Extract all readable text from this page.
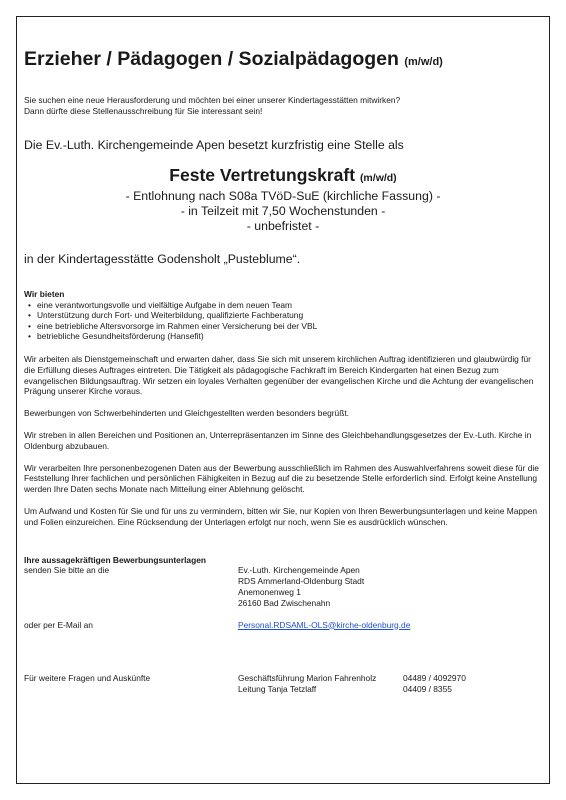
Erzieher / Pädagogen / Sozialpädagogen (m/w/d)
Sie suchen eine neue Herausforderung und möchten bei einer unserer Kindertagesstätten mitwirken?
Dann dürfte diese Stellenausschreibung für Sie interessant sein!
Die Ev.-Luth. Kirchengemeinde Apen besetzt kurzfristig eine Stelle als
Feste Vertretungskraft (m/w/d)
- Entlohnung nach S08a TVöD-SuE (kirchliche Fassung) -
- in Teilzeit mit 7,50 Wochenstunden -
- unbefristet -
in der Kindertagesstätte Godensholt „Pusteblume“.
Wir bieten
• eine verantwortungsvolle und vielfältige Aufgabe in dem neuen Team
• Unterstützung durch Fort- und Weiterbildung, qualifizierte Fachberatung
• eine betriebliche Altersvorsorge im Rahmen einer Versicherung bei der VBL
• betriebliche Gesundheitsförderung (Hansefit)
Wir arbeiten als Dienstgemeinschaft und erwarten daher, dass Sie sich mit unserem kirchlichen Auftrag identifizieren und glaubwürdig für die Erfüllung dieses Auftrages eintreten. Die Tätigkeit als pädagogische Fachkraft im Bereich Kindergarten hat einen Bezug zum evangelischen Bildungsauftrag. Wir setzen ein loyales Verhalten gegenüber der evangelischen Kirche und die Achtung der evangelischen Prägung unserer Kirche voraus.
Bewerbungen von Schwerbehinderten und Gleichgestellten werden besonders begrüßt.
Wir streben in allen Bereichen und Positionen an, Unterrepräsentanzen im Sinne des Gleichbehandlungsgesetzes der Ev.-Luth. Kirche in Oldenburg abzubauen.
Wir verarbeiten Ihre personenbezogenen Daten aus der Bewerbung ausschließlich im Rahmen des Auswahlverfahrens soweit diese für die Feststellung Ihrer fachlichen und persönlichen Fähigkeiten in Bezug auf die zu besetzende Stelle erforderlich sind. Erfolgt keine Anstellung werden Ihre Daten sechs Monate nach Mitteilung einer Ablehnung gelöscht.
Um Aufwand und Kosten für Sie und für uns zu vermindern, bitten wir Sie, nur Kopien von Ihren Bewerbungsunterlagen und keine Mappen und Folien einzureichen. Eine Rücksendung der Unterlagen erfolgt nur noch, wenn Sie es ausdrücklich wünschen.
Ihre aussagekräftigen Bewerbungsunterlagen
senden Sie bitte an die	Ev.-Luth. Kirchengemeinde Apen
RDS Ammerland-Oldenburg Stadt
Anemonenweg 1
26160 Bad Zwischenahn
oder per E-Mail an	Personal.RDSAML-OLS@kirche-oldenburg.de
Für weitere Fragen und Auskünfte	Geschäftsführung Marion Fahrenholz	04489 / 4092970
Leitung Tanja Tetzlaff	04409 / 8355
